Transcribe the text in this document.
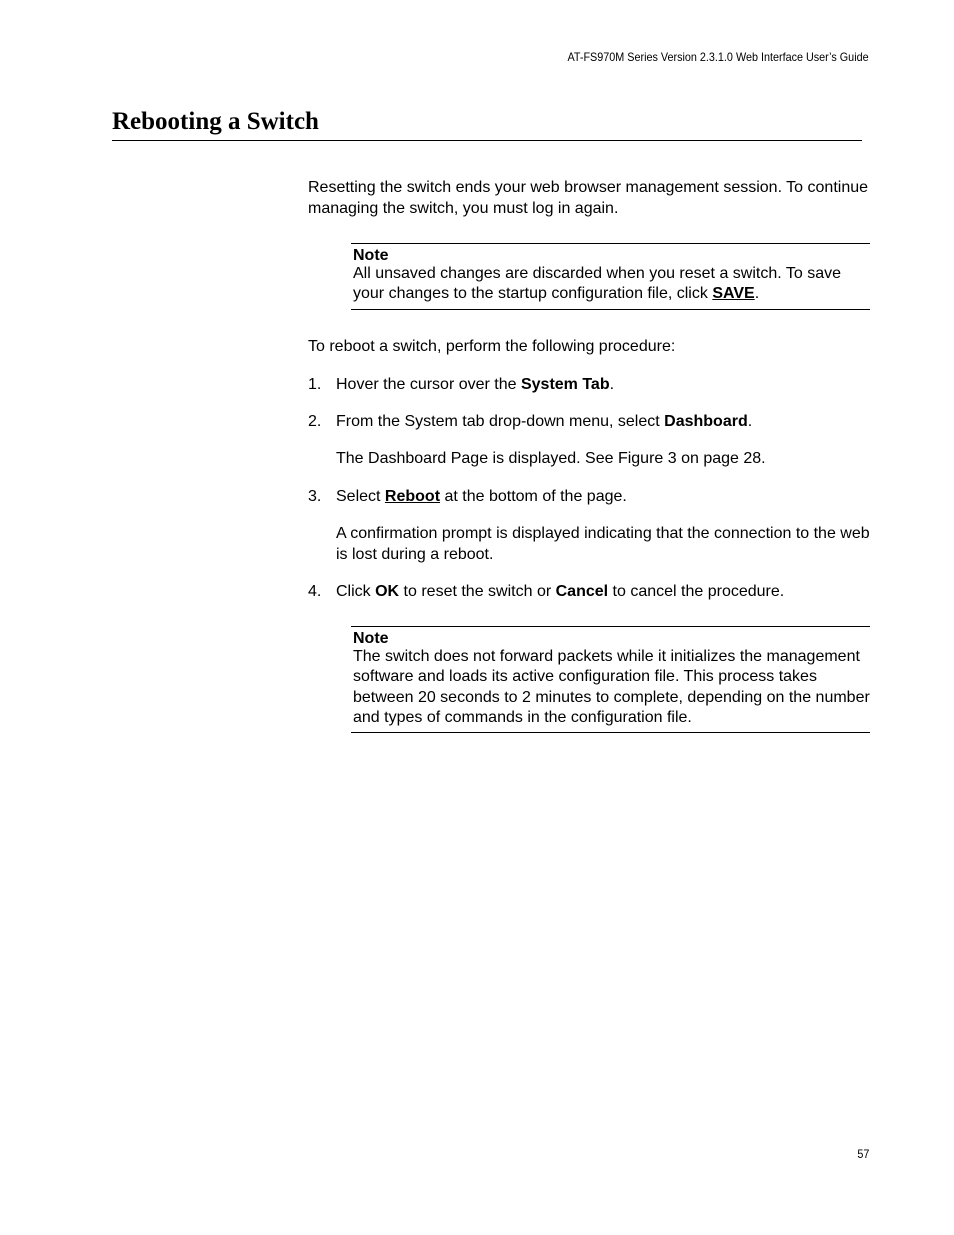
AT-FS970M Series Version 2.3.1.0 Web Interface User’s Guide
Rebooting a Switch

Resetting the switch ends your web browser management session. To continue managing the switch, you must log in again.

Note

All unsaved changes are discarded when you reset a switch. To save your changes to the startup configuration file, click SAVE.

To reboot a switch, perform the following procedure:

1. Hover the cursor over the System Tab.
2. From the System tab drop-down menu, select Dashboard.

The Dashboard Page is displayed. See Figure 3 on page 28.

3. Select Reboot at the bottom of the page.

A confirmation prompt is displayed indicating that the connection to the web is lost during a reboot.

4. Click OK to reset the switch or Cancel to cancel the procedure.

Note

The switch does not forward packets while it initializes the management software and loads its active configuration file. This process takes between 20 seconds to 2 minutes to complete, depending on the number and types of commands in the configuration file.

57
